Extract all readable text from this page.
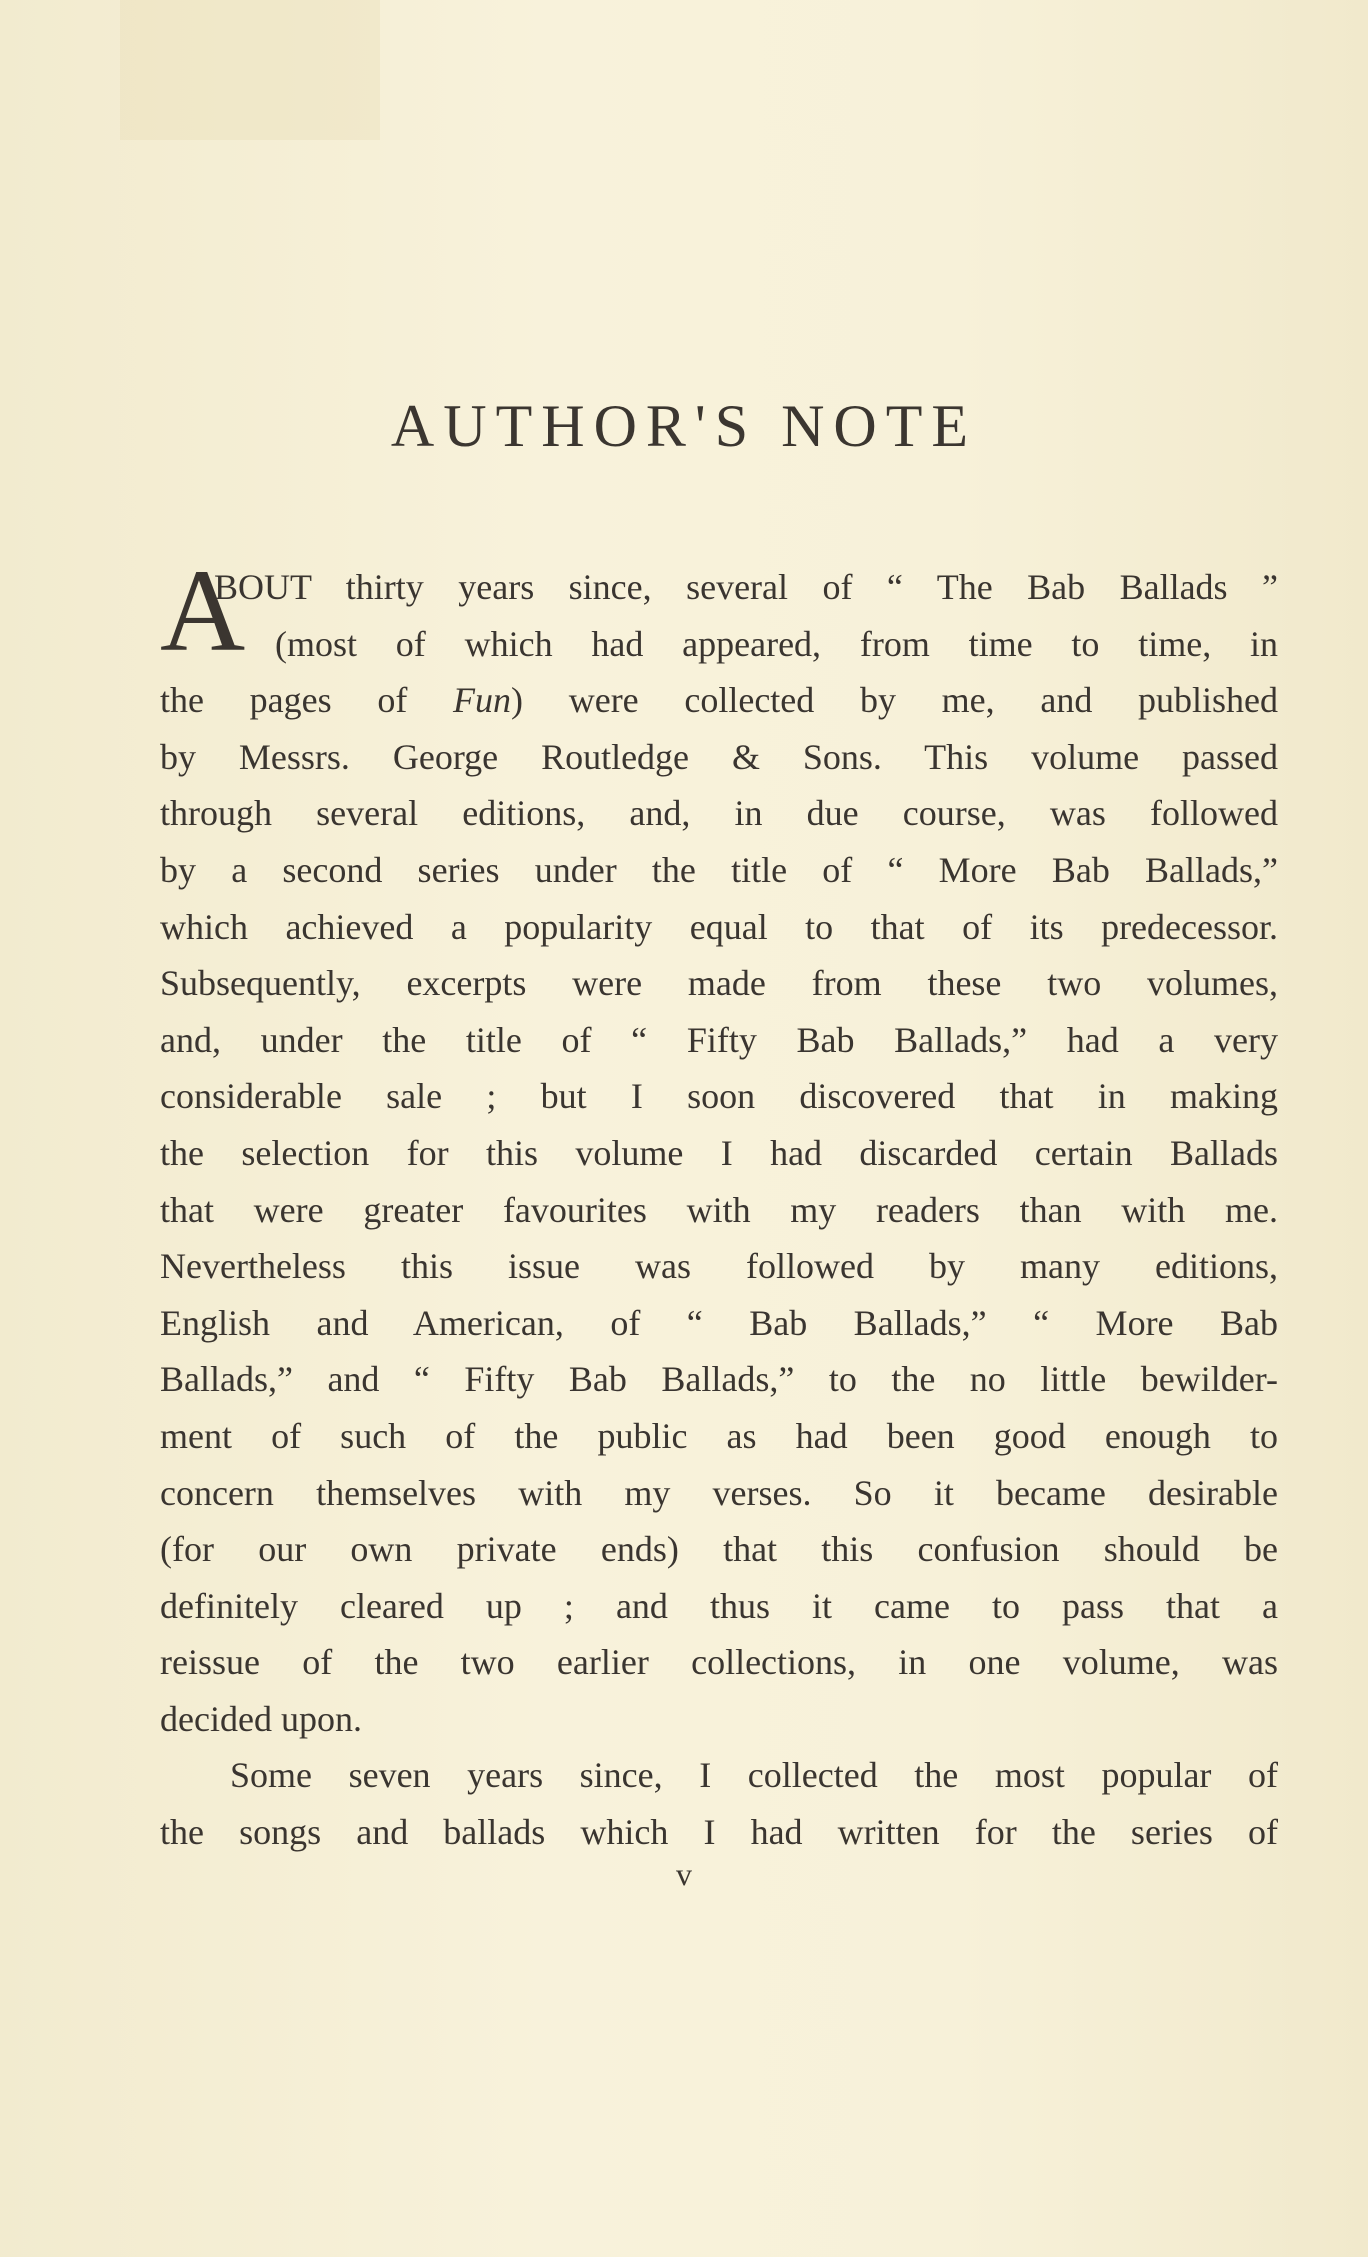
AUTHOR'S NOTE
A
BOUT thirty years since, several of “ The Bab Ballads ”
(most of which had appeared, from time to time, in
the pages of Fun) were collected by me, and published
by Messrs. George Routledge & Sons. This volume passed
through several editions, and, in due course, was followed
by a second series under the title of “ More Bab Ballads,”
which achieved a popularity equal to that of its predecessor.
Subsequently, excerpts were made from these two volumes,
and, under the title of “ Fifty Bab Ballads,” had a very
considerable sale ; but I soon discovered that in making
the selection for this volume I had discarded certain Ballads
that were greater favourites with my readers than with me.
Nevertheless this issue was followed by many editions,
English and American, of “ Bab Ballads,” “ More Bab
Ballads,” and “ Fifty Bab Ballads,” to the no little bewilder-
ment of such of the public as had been good enough to
concern themselves with my verses. So it became desirable
(for our own private ends) that this confusion should be
definitely cleared up ; and thus it came to pass that a
reissue of the two earlier collections, in one volume, was
decided upon.
Some seven years since, I collected the most popular of
the songs and ballads which I had written for the series of
v
